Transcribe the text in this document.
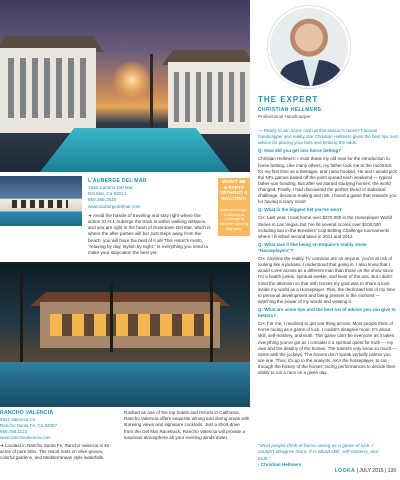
L'AUBERGE DEL MAR
1540 Camino Del Mar
Del Mar, Ca 92014
858.259.1515
www.laubergedelmar.com
➜ Avoid the hassle of traveling and stay right where the action is! At L'Auberge the track is within walking distance, and you are right in the heart of Downtown Del Mar, which is where the after parties will be! Just steps away from the beach, you will have the best of it all! This resort's motto, "relaxing by day, stylish by night," is everything you need to make your staycation the best yet.
WON'T BE A PARTY WITHOUT A BALCONY!
Make sure to get a balcony at L'Auberge to view the Opening Day party.
RANCHO VALENCIA
5921 Valencia Cir
Rancho Santa Fe, Ca 92067
858.756.1123
www.ranchovalencia.com
➜ Located in Rancho Santa Fe, Rancho Valencia is 45 acres of pure bliss. The resort rests on olive groves, colorful gardens, and Mediterranean style waterfalls.
Ranked as one of the top hotels and resorts in California, Rancho Valencia offers exquisite wining and dining areas with stunning views and signature cocktails. Just a short drive from the Del Mar Racetrack, Rancho Valencia will provide a luxurious atmosphere as your evening winds down.
THE EXPERT
CHRISTIAN HELLMERS
Professional Handicapper

— Ready to win some cash at this season's races? Famous handicapper and reality star Christian Hellmers gives the best tips and advice for placing your bets and beating the odds.

Q: How did you get into horse betting?

Christian Hellmers: I must thank my old man for the introduction to horse betting. Like many others, my father took me to the racetrack for my first time as a teenager, and I was hooked. He and I would pick the NFL games based off the point spread each weekend — typical father-son bonding. But after we started studying horses, the world changed. Finally, I had discovered the perfect blend of statistical challenge, decision-making and risk. I found a game that rewards you for having a crazy mind!

Q: What is the biggest bet you've won?

CH: Last year, I took home over $370,000 in the Horseplayer World Series in Las Vegas, but I've hit several scores over $100,000 including two in the Breeders' Cup Betting Challenge tournaments where I finished second twice in 2011 and 2012.

Q: What was it like being on Esquire's reality show "Horseplayers"?

CH: Anytime the reality TV cameras are on anyone, you're at risk of looking like a jackass. I understood that going in. I also knew that I would come across as a different man than those on the show since I'm a health junkie, spiritual seeker, and lover of the arts. But I didn't mind the attention so that with horses my goal was to share a look inside my world as a Horseplayer. Plus, the dedicated lots of my time to personal development and being present in the moment — watching the power of my words and viewing it.

Q: What are some tips and the best set of advice you can give to bettors?

CH: For me, I resolved to get one thing across. Most people think of horse racing as a game of luck. I couldn't disagree more. It's about skill, self-mastery, and truth. This game can't be everyone as it takes everything you've got as I consider it a spiritual quest for truth — my own and the destiny of the horses. The trainers only know so much — same with the jockeys. The horses don't speak verbally unless you are one. Thus, it's up to the analysts, AKA the horseplayer, to cut through the history of the horses' racing performances to decide their ability to run a race on a given day.

"Most people think of horse racing as a game of luck. I couldn't disagree more. It is about skill, self-mastery, and truth."
- Christian Hellmers
LOOKA | JULY 2015 | 139
